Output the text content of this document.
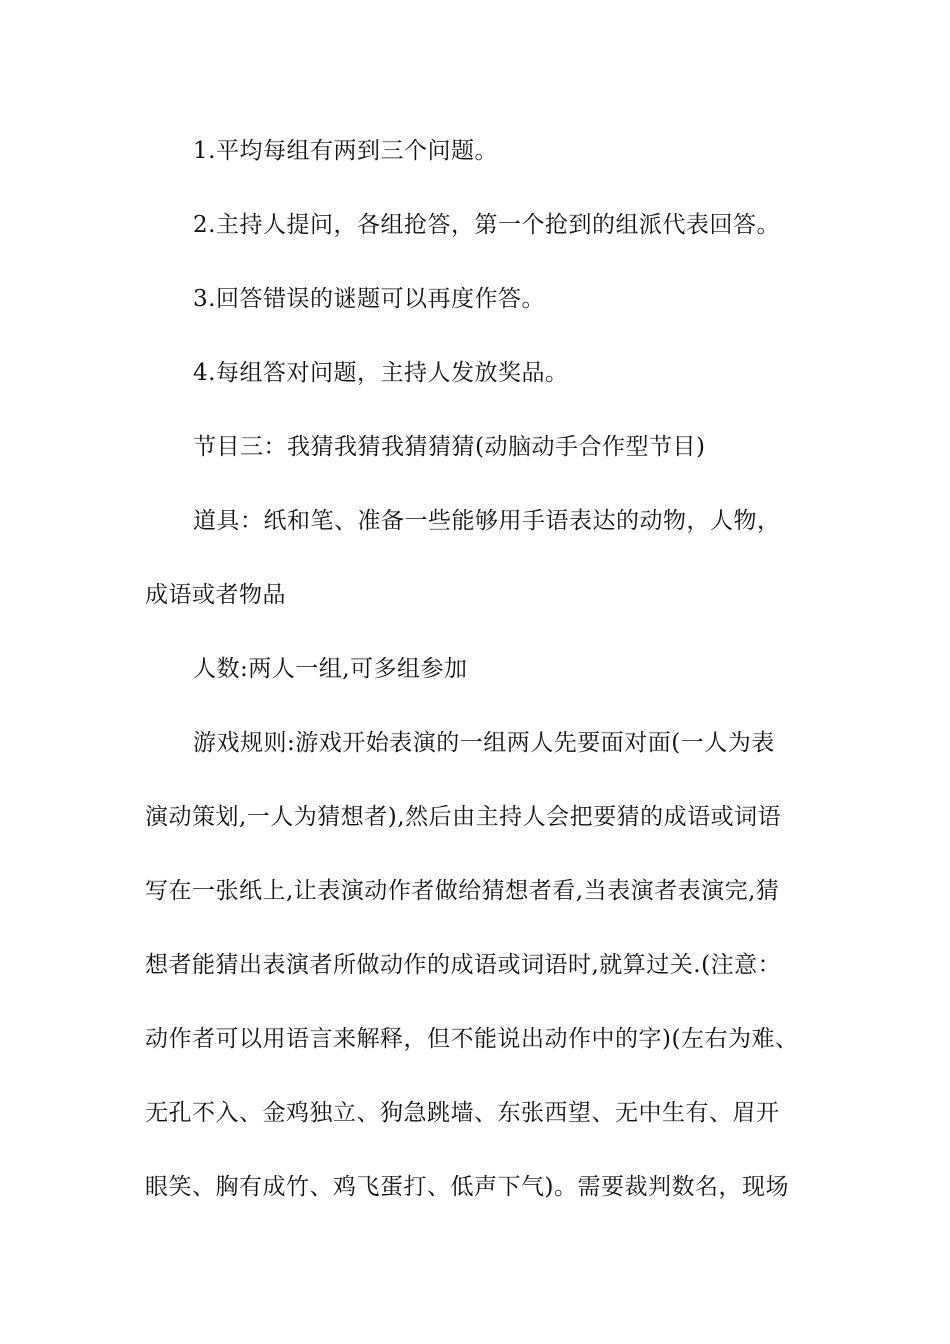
1.平均每组有两到三个问题。
2.主持人提问，各组抢答，第一个抢到的组派代表回答。
3.回答错误的谜题可以再度作答。
4.每组答对问题，主持人发放奖品。
节目三：我猜我猜我猜猜猜(动脑动手合作型节目)
道具：纸和笔、准备一些能够用手语表达的动物，人物，
成语或者物品
人数:两人一组,可多组参加
游戏规则:游戏开始表演的一组两人先要面对面(一人为表
演动策划,一人为猜想者),然后由主持人会把要猜的成语或词语
写在一张纸上,让表演动作者做给猜想者看,当表演者表演完,猜
想者能猜出表演者所做动作的成语或词语时,就算过关.(注意：
动作者可以用语言来解释，但不能说出动作中的字)(左右为难、
无孔不入、金鸡独立、狗急跳墙、东张西望、无中生有、眉开
眼笑、胸有成竹、鸡飞蛋打、低声下气)。需要裁判数名，现场
